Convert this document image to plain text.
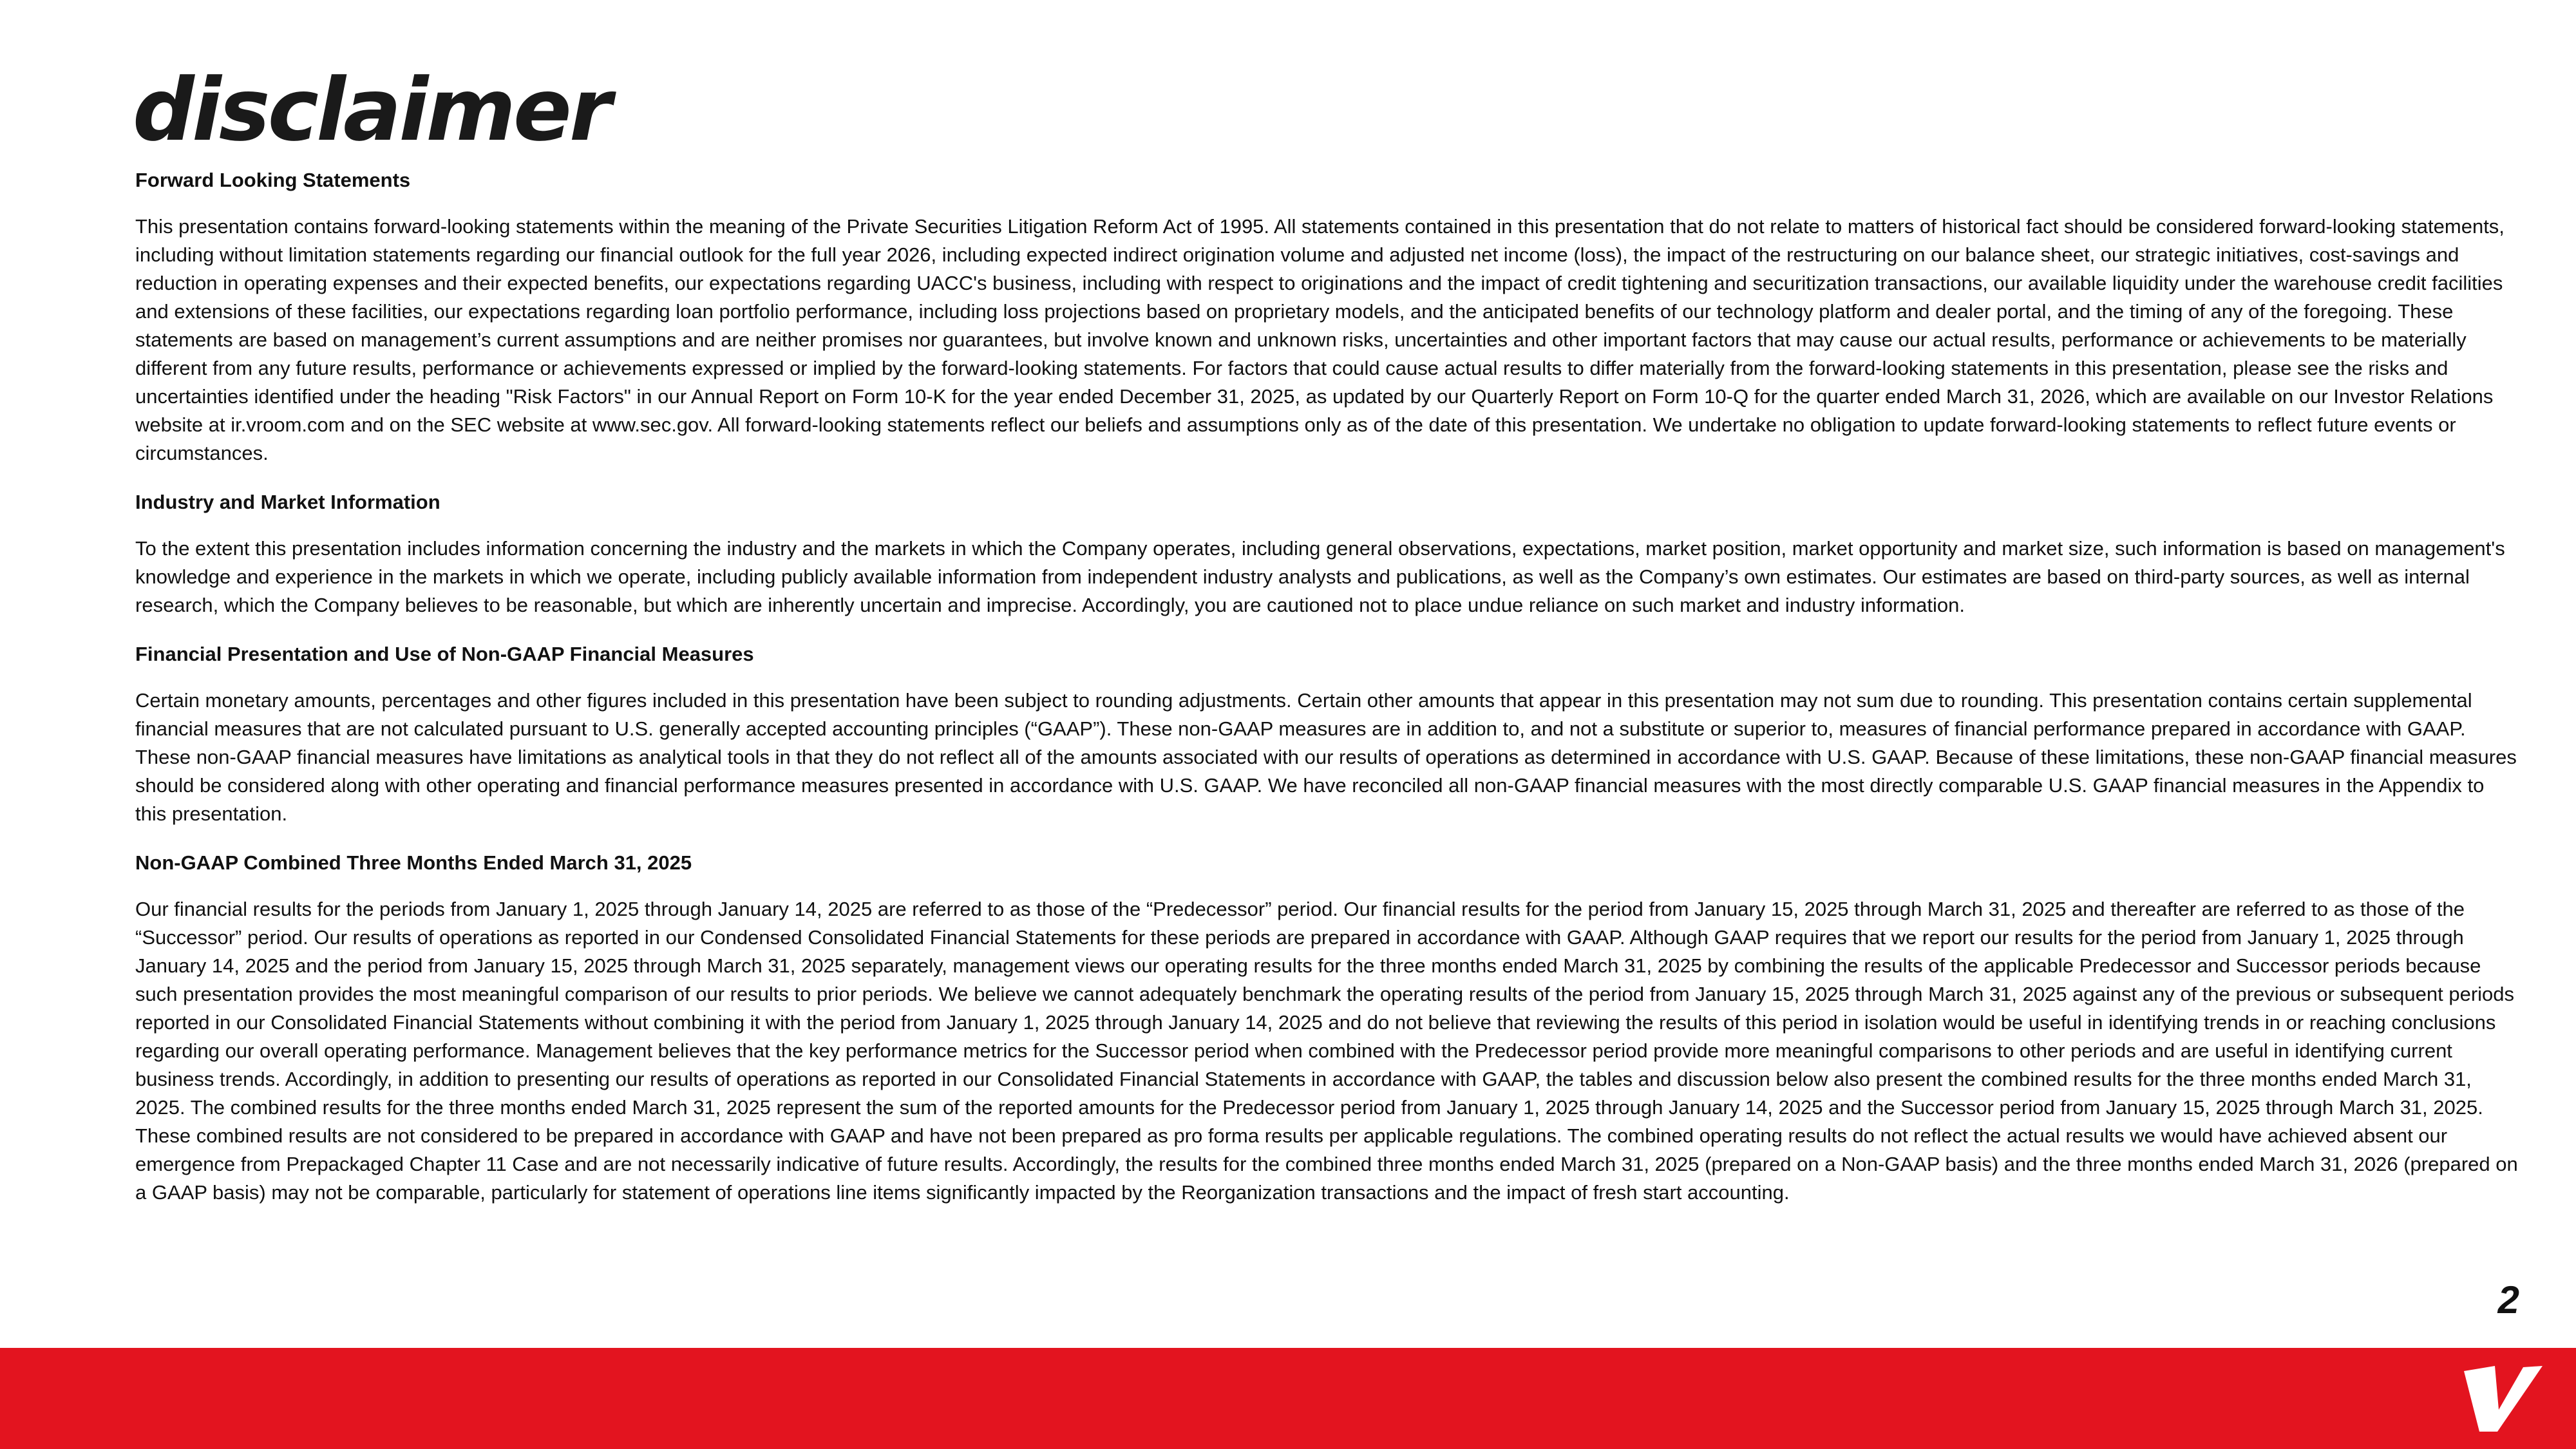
disclaimer
Forward Looking Statements

This presentation contains forward-looking statements within the meaning of the Private Securities Litigation Reform Act of 1995. All statements contained in this presentation that do not relate to matters of historical fact should be considered forward-looking statements, including without limitation statements regarding our financial outlook for the full year 2026, including expected indirect origination volume and adjusted net income (loss), the impact of the restructuring on our balance sheet, our strategic initiatives, cost-savings and reduction in operating expenses and their expected benefits, our expectations regarding UACC's business, including with respect to originations and the impact of credit tightening and securitization transactions, our available liquidity under the warehouse credit facilities and extensions of these facilities, our expectations regarding loan portfolio performance, including loss projections based on proprietary models, and the anticipated benefits of our technology platform and dealer portal, and the timing of any of the foregoing. These statements are based on management’s current assumptions and are neither promises nor guarantees, but involve known and unknown risks, uncertainties and other important factors that may cause our actual results, performance or achievements to be materially different from any future results, performance or achievements expressed or implied by the forward-looking statements. For factors that could cause actual results to differ materially from the forward-looking statements in this presentation, please see the risks and uncertainties identified under the heading "Risk Factors" in our Annual Report on Form 10-K for the year ended December 31, 2025, as updated by our Quarterly Report on Form 10-Q for the quarter ended March 31, 2026, which are available on our Investor Relations website at ir.vroom.com and on the SEC website at www.sec.gov. All forward-looking statements reflect our beliefs and assumptions only as of the date of this presentation. We undertake no obligation to update forward-looking statements to reflect future events or circumstances.

Industry and Market Information

To the extent this presentation includes information concerning the industry and the markets in which the Company operates, including general observations, expectations, market position, market opportunity and market size, such information is based on management's knowledge and experience in the markets in which we operate, including publicly available information from independent industry analysts and publications, as well as the Company’s own estimates. Our estimates are based on third-party sources, as well as internal research, which the Company believes to be reasonable, but which are inherently uncertain and imprecise. Accordingly, you are cautioned not to place undue reliance on such market and industry information.

Financial Presentation and Use of Non-GAAP Financial Measures

Certain monetary amounts, percentages and other figures included in this presentation have been subject to rounding adjustments. Certain other amounts that appear in this presentation may not sum due to rounding. This presentation contains certain supplemental financial measures that are not calculated pursuant to U.S. generally accepted accounting principles (“GAAP”). These non-GAAP measures are in addition to, and not a substitute or superior to, measures of financial performance prepared in accordance with GAAP. These non-GAAP financial measures have limitations as analytical tools in that they do not reflect all of the amounts associated with our results of operations as determined in accordance with U.S. GAAP. Because of these limitations, these non-GAAP financial measures should be considered along with other operating and financial performance measures presented in accordance with U.S. GAAP. We have reconciled all non-GAAP financial measures with the most directly comparable U.S. GAAP financial measures in the Appendix to this presentation.

Non-GAAP Combined Three Months Ended March 31, 2025

Our financial results for the periods from January 1, 2025 through January 14, 2025 are referred to as those of the “Predecessor” period. Our financial results for the period from January 15, 2025 through March 31, 2025 and thereafter are referred to as those of the “Successor” period. Our results of operations as reported in our Condensed Consolidated Financial Statements for these periods are prepared in accordance with GAAP. Although GAAP requires that we report our results for the period from January 1, 2025 through January 14, 2025 and the period from January 15, 2025 through March 31, 2025 separately, management views our operating results for the three months ended March 31, 2025 by combining the results of the applicable Predecessor and Successor periods because such presentation provides the most meaningful comparison of our results to prior periods. We believe we cannot adequately benchmark the operating results of the period from January 15, 2025 through March 31, 2025 against any of the previous or subsequent periods reported in our Consolidated Financial Statements without combining it with the period from January 1, 2025 through January 14, 2025 and do not believe that reviewing the results of this period in isolation would be useful in identifying trends in or reaching conclusions regarding our overall operating performance. Management believes that the key performance metrics for the Successor period when combined with the Predecessor period provide more meaningful comparisons to other periods and are useful in identifying current business trends. Accordingly, in addition to presenting our results of operations as reported in our Consolidated Financial Statements in accordance with GAAP, the tables and discussion below also present the combined results for the three months ended March 31, 2025. The combined results for the three months ended March 31, 2025 represent the sum of the reported amounts for the Predecessor period from January 1, 2025 through January 14, 2025 and the Successor period from January 15, 2025 through March 31, 2025. These combined results are not considered to be prepared in accordance with GAAP and have not been prepared as pro forma results per applicable regulations. The combined operating results do not reflect the actual results we would have achieved absent our emergence from Prepackaged Chapter 11 Case and are not necessarily indicative of future results. Accordingly, the results for the combined three months ended March 31, 2025 (prepared on a Non-GAAP basis) and the three months ended March 31, 2026 (prepared on a GAAP basis) may not be comparable, particularly for statement of operations line items significantly impacted by the Reorganization transactions and the impact of fresh start accounting.

2
